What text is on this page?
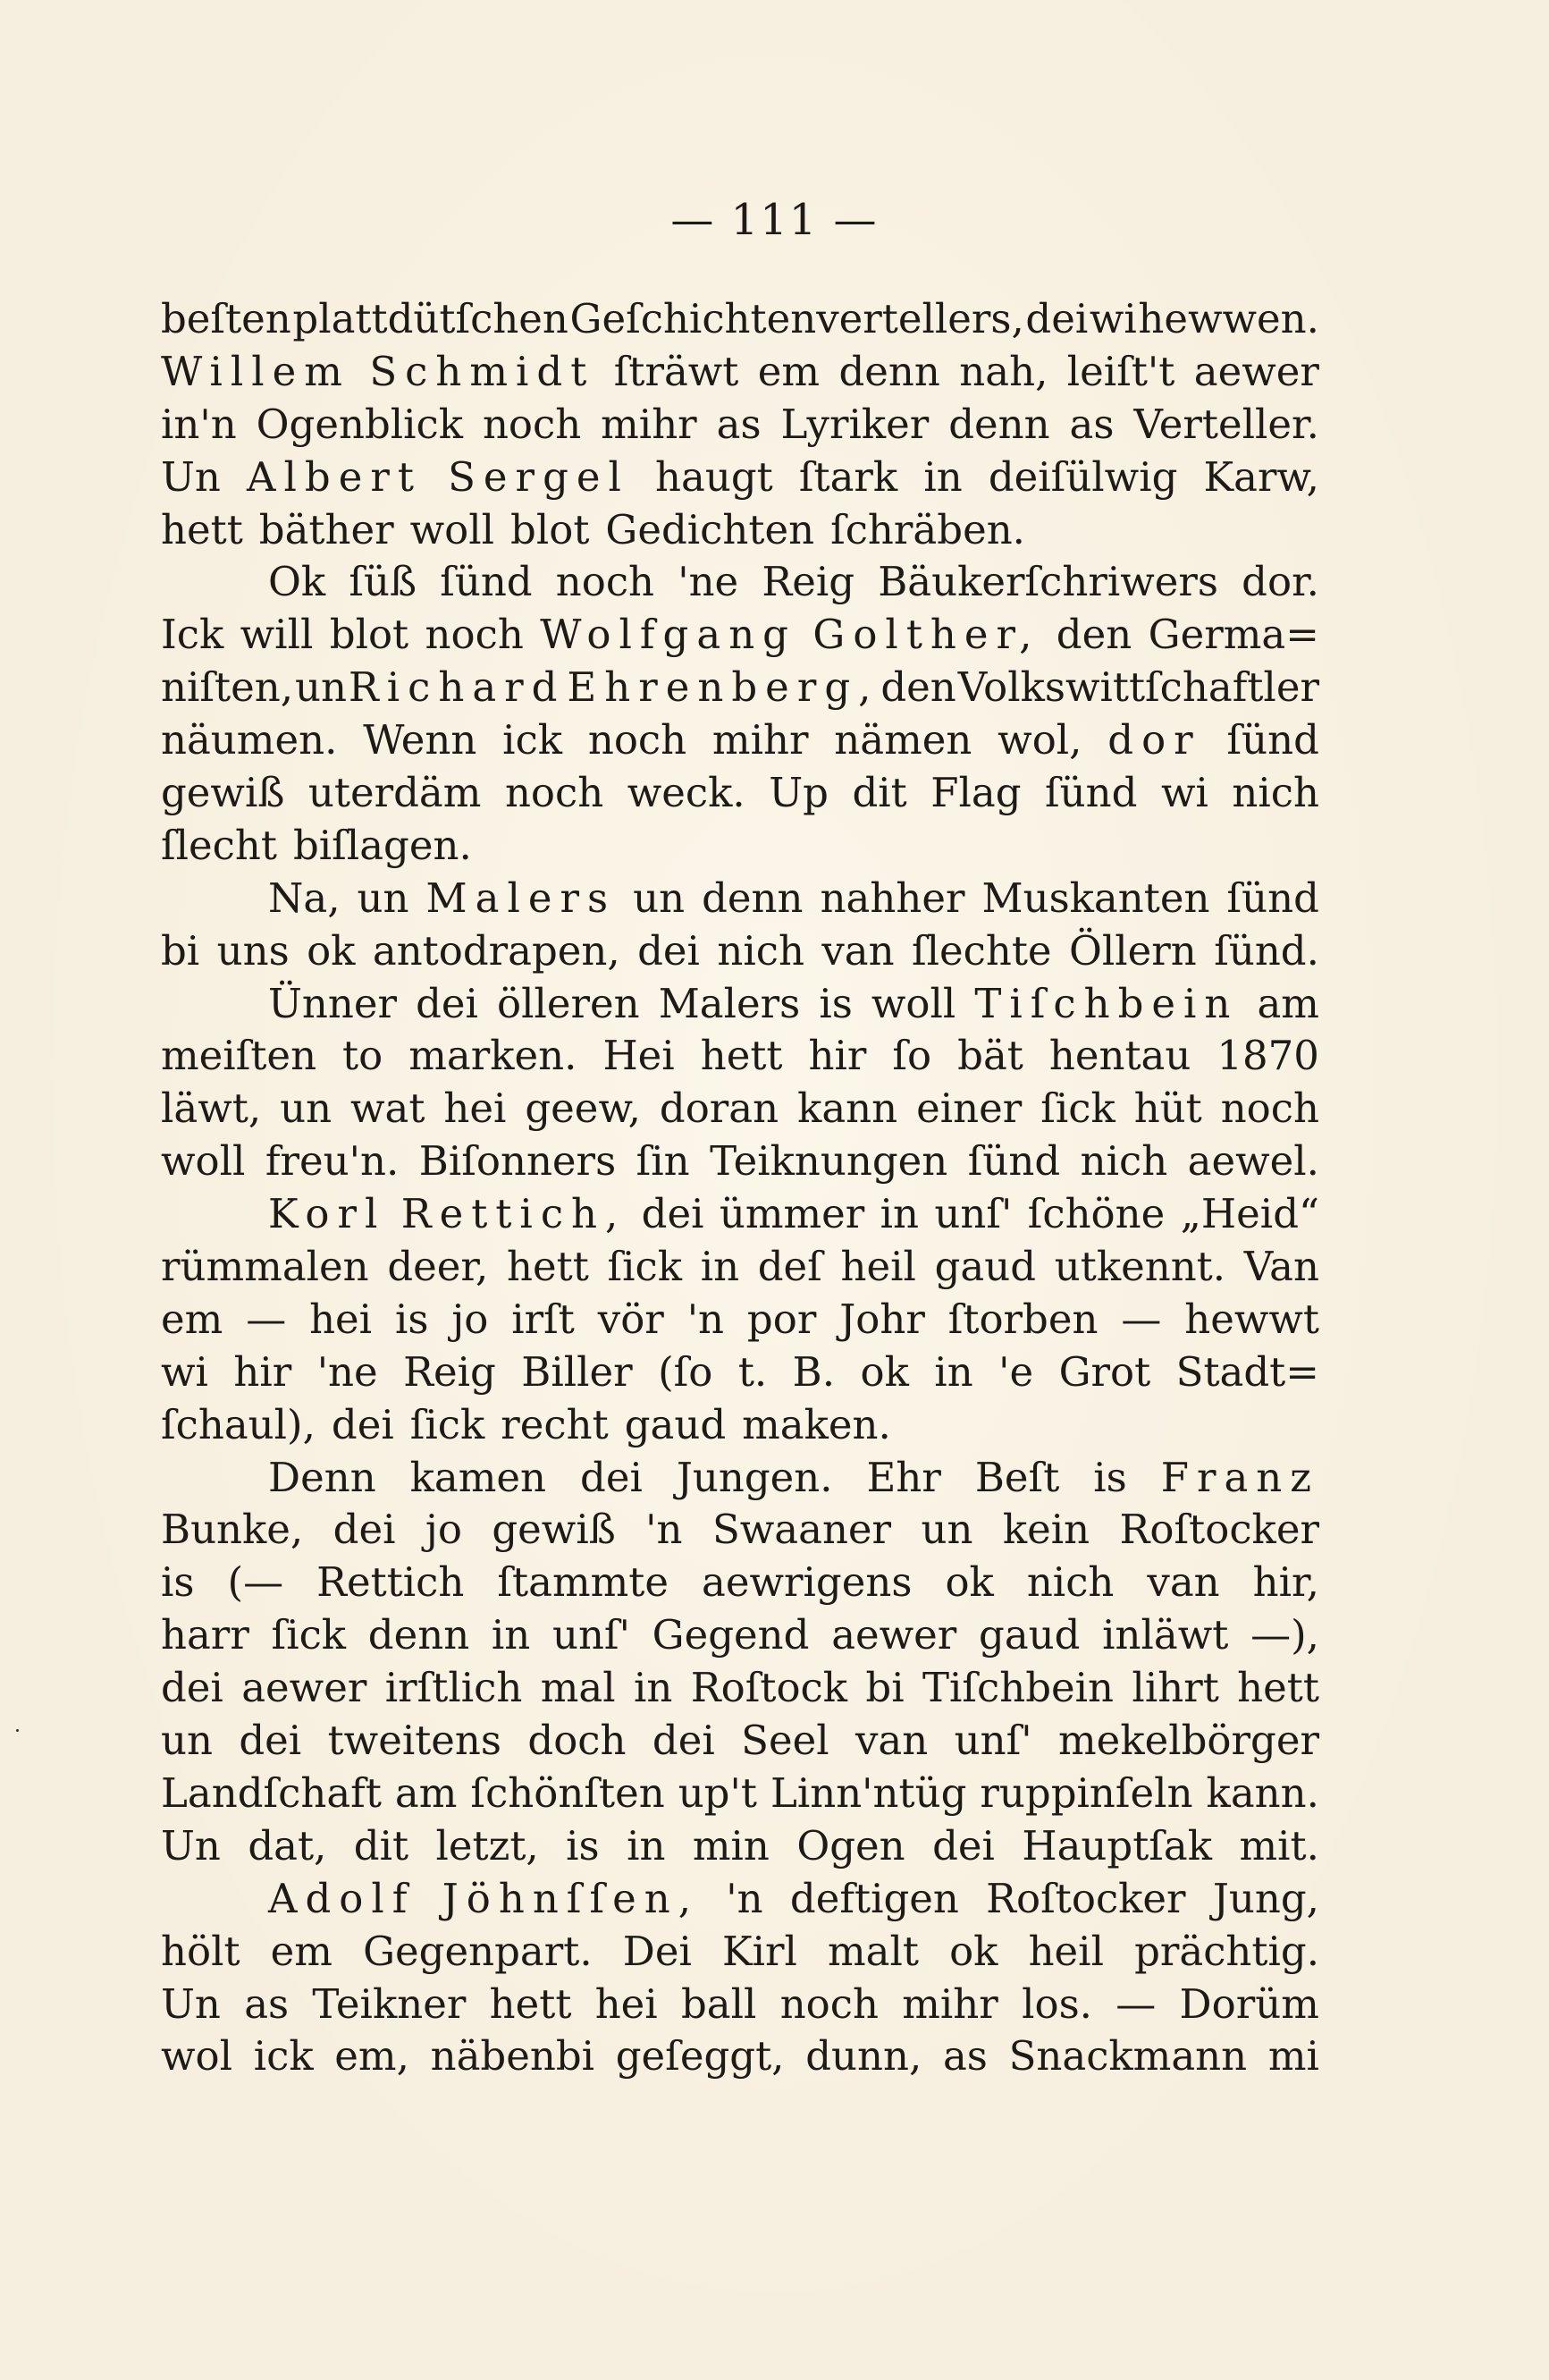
— 111 —
beſten plattdütſchen Geſchichtenvertellers, dei wi hewwen.
Willem Schmidt ſträwt em denn nah, leiſt't aewer
in'n Ogenblick noch mihr as Lyriker denn as Verteller.
Un Albert Sergel haugt ſtark in deiſülwig Karw,
hett bäther woll blot Gedichten ſchräben.
Ok ſüß ſünd noch 'ne Reig Bäukerſchriwers dor.
Ick will blot noch Wolfgang Golther, den Germa=
niſten, un Richard Ehrenberg, den Volkswittſchaftler
näumen. Wenn ick noch mihr nämen wol, dor ſünd
gewiß uterdäm noch weck. Up dit Flag ſünd wi nich
ſlecht biſlagen.
Na, un Malers un denn nahher Muskanten ſünd
bi uns ok antodrapen, dei nich van ſlechte Öllern ſünd.
Ünner dei ölleren Malers is woll Tiſchbein am
meiſten to marken. Hei hett hir ſo bät hentau 1870
läwt, un wat hei geew, doran kann einer ſick hüt noch
woll freu'n. Biſonners ſin Teiknungen ſünd nich aewel.
Korl Rettich, dei ümmer in unſ' ſchöne „Heid“
rümmalen deer, hett ſick in deſ heil gaud utkennt. Van
em — hei is jo irſt vör 'n por Johr ſtorben — hewwt
wi hir 'ne Reig Biller (ſo t. B. ok in 'e Grot Stadt=
ſchaul), dei ſick recht gaud maken.
Denn kamen dei Jungen. Ehr Beſt is Franz
Bunke, dei jo gewiß 'n Swaaner un kein Roſtocker
is (— Rettich ſtammte aewrigens ok nich van hir,
harr ſick denn in unſ' Gegend aewer gaud inläwt —),
dei aewer irſtlich mal in Roſtock bi Tiſchbein lihrt hett
un dei tweitens doch dei Seel van unſ' mekelbörger
Landſchaft am ſchönſten up't Linn'ntüg ruppinſeln kann.
Un dat, dit letzt, is in min Ogen dei Hauptſak mit.
Adolf Jöhnſſen, 'n deftigen Roſtocker Jung,
hölt em Gegenpart. Dei Kirl malt ok heil prächtig.
Un as Teikner hett hei ball noch mihr los. — Dorüm
wol ick em, näbenbi geſeggt, dunn, as Snackmann mi
